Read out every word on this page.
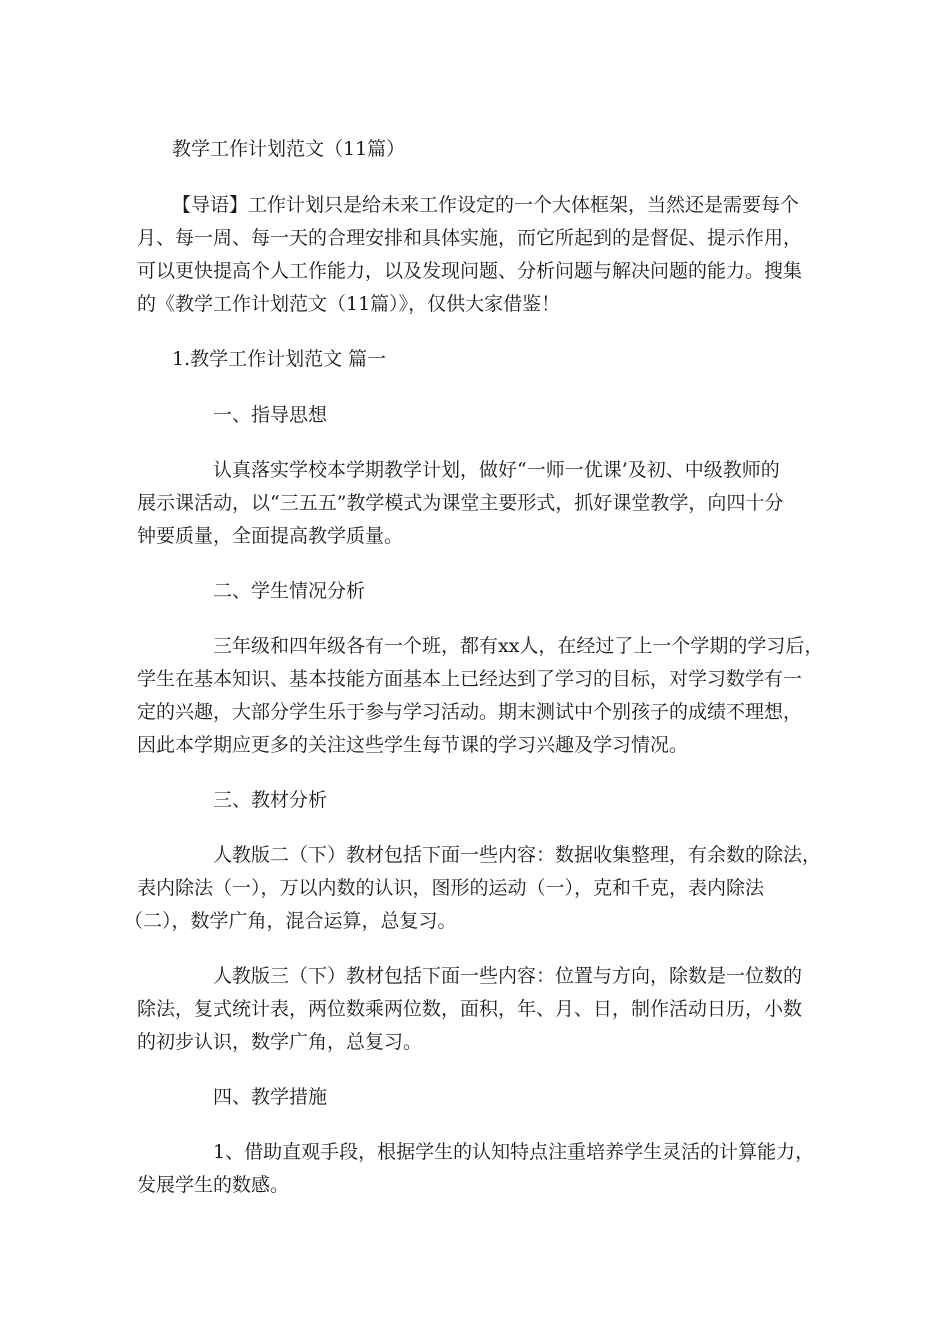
教学工作计划范文（11篇）
【导语】工作计划只是给未来工作设定的一个大体框架，当然还是需要每个
月、每一周、每一天的合理安排和具体实施，而它所起到的是督促、提示作用，
可以更快提高个人工作能力，以及发现问题、分析问题与解决问题的能力。搜集
的《教学工作计划范文（11篇）》，仅供大家借鉴！
1.教学工作计划范文 篇一
一、指导思想
认真落实学校本学期教学计划，做好“一师一优课’及初、中级教师的
展示课活动，以“三五五”教学模式为课堂主要形式，抓好课堂教学，向四十分
钟要质量，全面提高教学质量。
二、学生情况分析
三年级和四年级各有一个班，都有xx人，在经过了上一个学期的学习后，
学生在基本知识、基本技能方面基本上已经达到了学习的目标，对学习数学有一
定的兴趣，大部分学生乐于参与学习活动。期末测试中个别孩子的成绩不理想，
因此本学期应更多的关注这些学生每节课的学习兴趣及学习情况。
三、教材分析
人教版二（下）教材包括下面一些内容：数据收集整理，有余数的除法，
表内除法（一），万以内数的认识，图形的运动（一），克和千克，表内除法
（二），数学广角，混合运算，总复习。
人教版三（下）教材包括下面一些内容：位置与方向，除数是一位数的
除法，复式统计表，两位数乘两位数，面积，年、月、日，制作活动日历，小数
的初步认识，数学广角，总复习。
四、教学措施
1、借助直观手段，根据学生的认知特点注重培养学生灵活的计算能力，
发展学生的数感。
